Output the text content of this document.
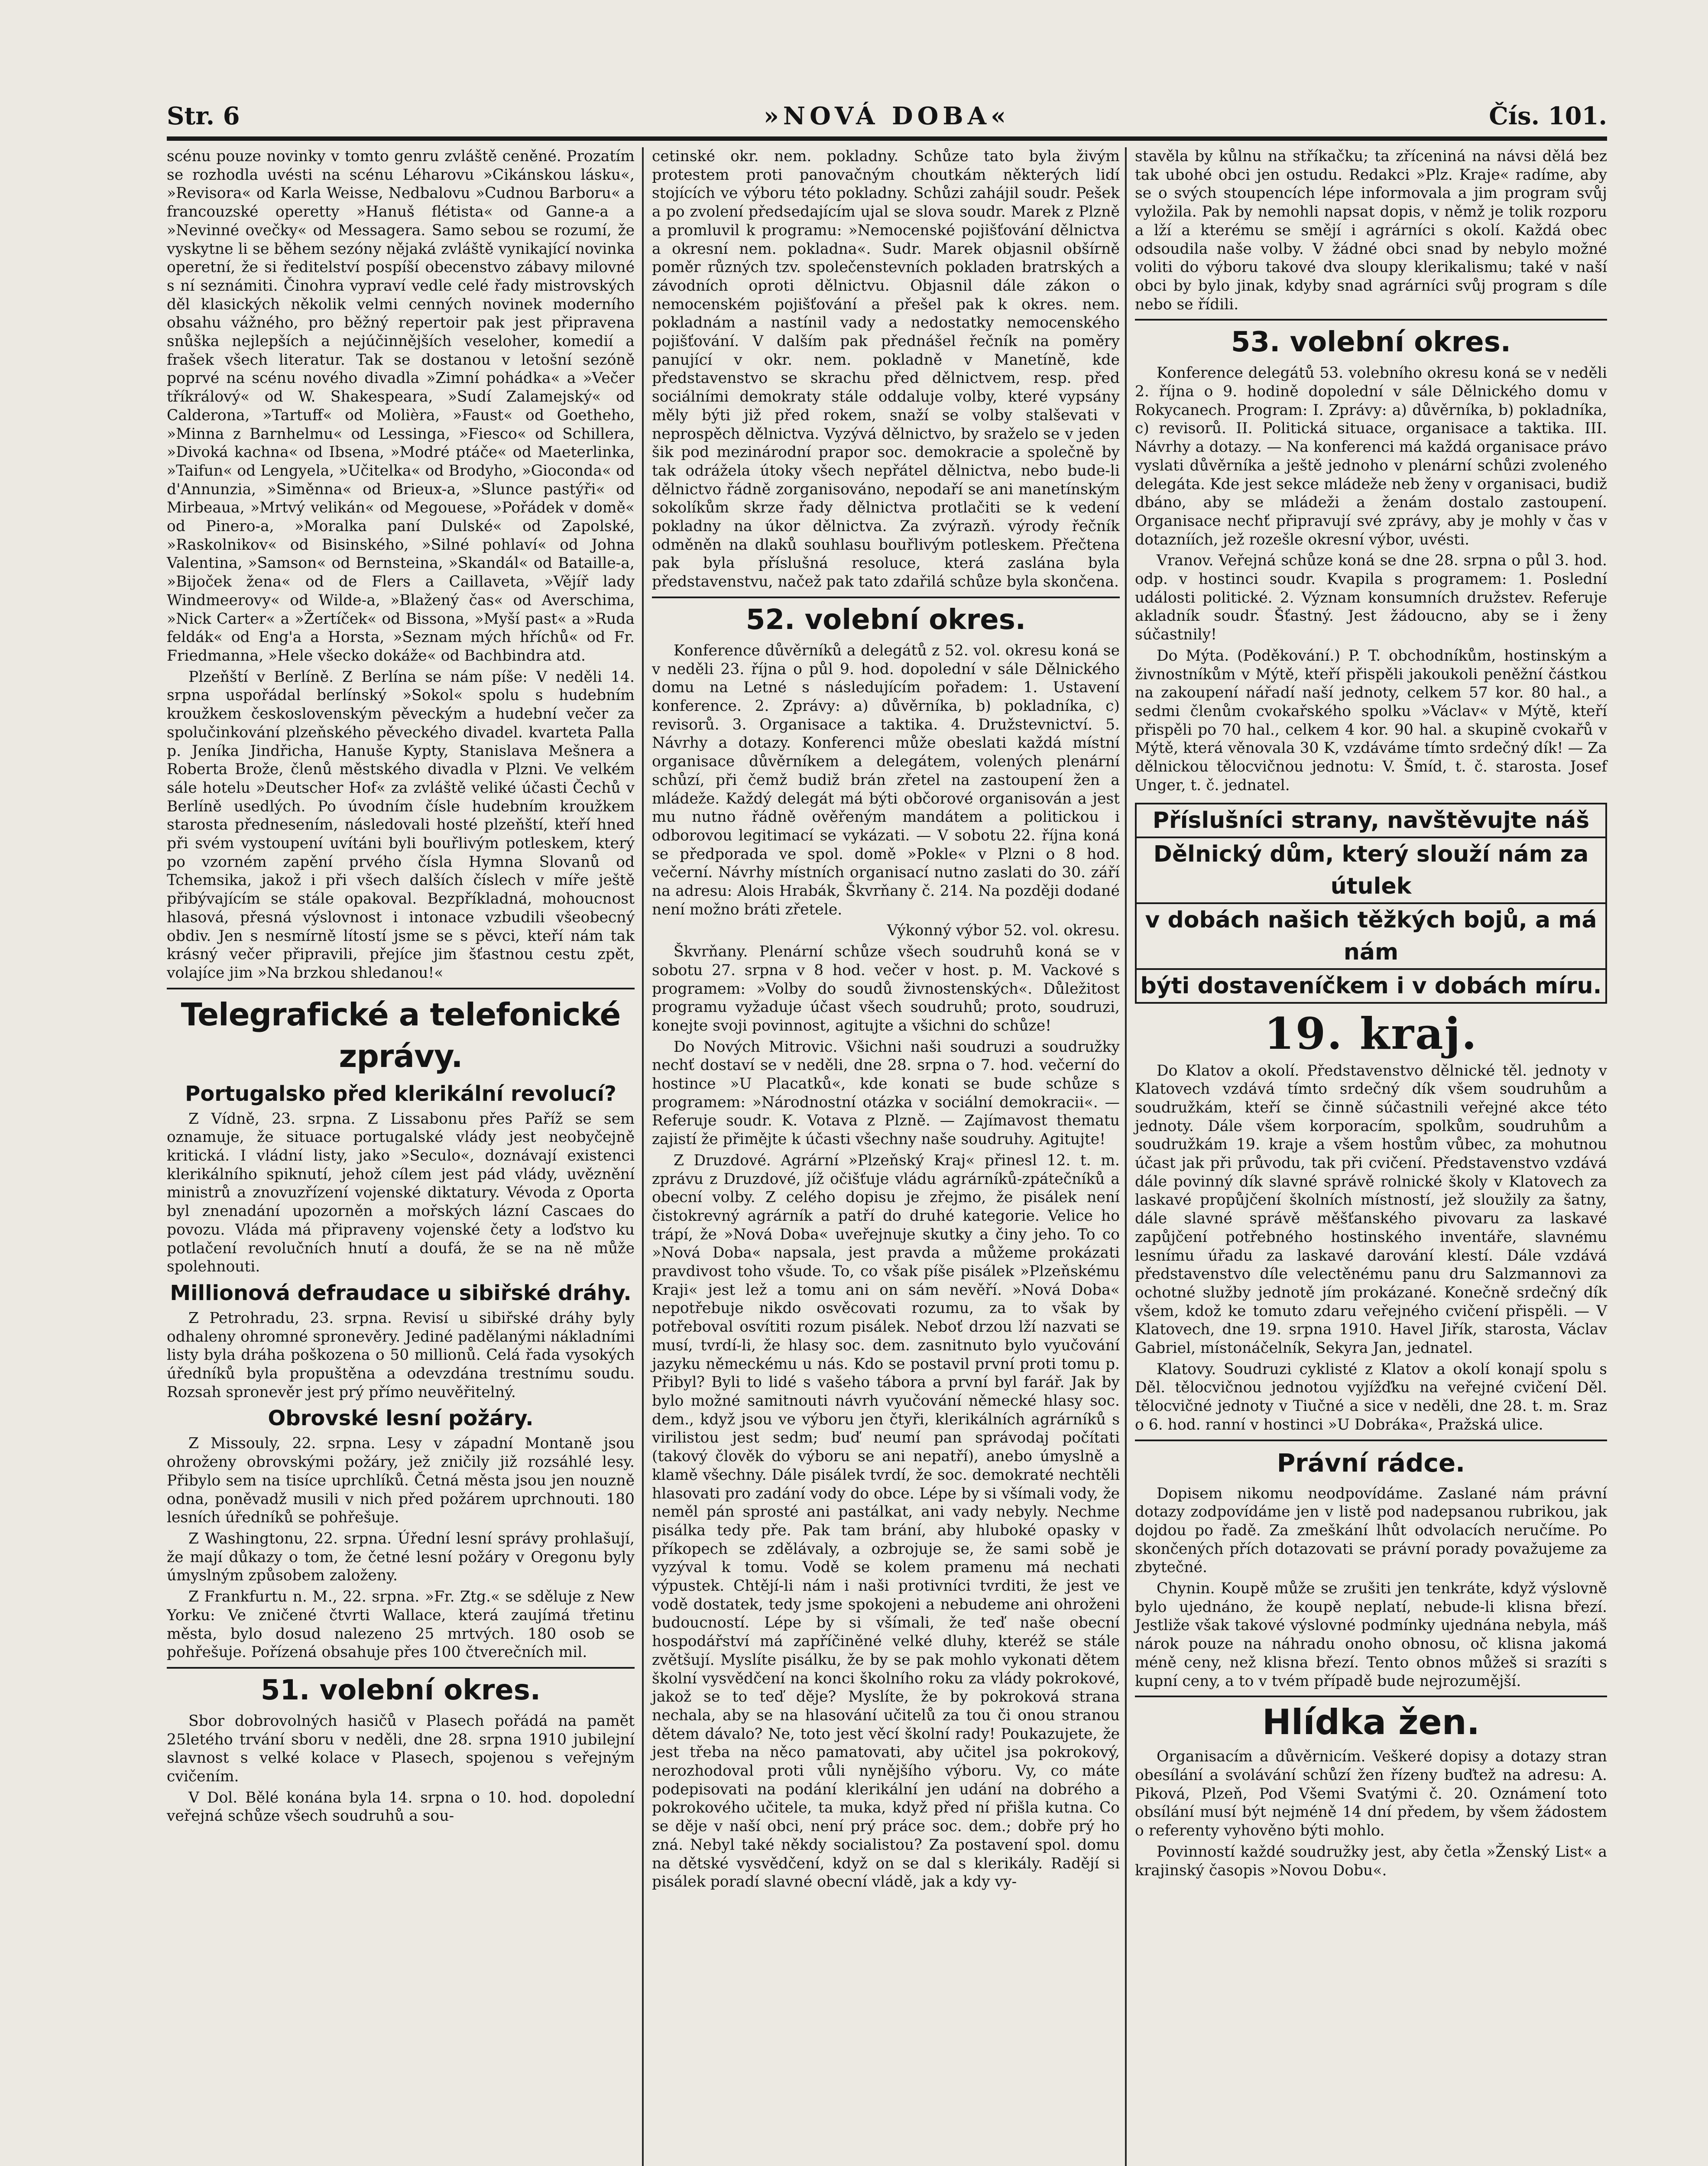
Str. 6	»NOVÁ DOBA«	Čís. 101.

scénu pouze novinky v tomto genru zvláště ceněné. Prozatím se rozhodla uvésti na scénu Léharovu »Cikánskou lásku«, »Revisora« od Karla Weisse, Nedbalovu »Cudnou Barboru« a francouzské operetty »Hanuš flétista« od Ganne-a a »Nevinné ovečky« od Messagera. Samo sebou se rozumí, že vyskytne li se během sezóny nějaká zvláště vynikající novinka operetní, že si ředitelství pospíší obecenstvo zábavy milovné s ní seznámiti. Činohra vypraví vedle celé řady mistrovských děl klasických několik velmi cenných novinek moderního obsahu vážného, pro běžný repertoir pak jest připravena snůška nejlepších a nejúčinnějších veseloher, komedií a frašek všech literatur. Tak se dostanou v letošní sezóně poprvé na scénu nového divadla »Zimní pohádka« a »Večer tříkrálový« od W. Shakespeara, »Sudí Zalamejský« od Calderona, »Tartuff« od Molièra, »Faust« od Goetheho, »Minna z Barnhelmu« od Lessinga, »Fiesco« od Schillera, »Divoká kachna« od Ibsena, »Modré ptáče« od Maeterlinka, »Taifun« od Lengyela, »Učitelka« od Brodyho, »Gioconda« od d'Annunzia, »Siměnna« od Brieux-a, »Slunce pastýři« od Mirbeaua, »Mrtvý velikán« od Megouese, »Pořádek v domě« od Pinero-a, »Moralka paní Dulské« od Zapolské, »Raskolnikov« od Bisinského, »Silné pohlaví« od Johna Valentina, »Samson« od Bernsteina, »Skandál« od Bataille-a, »Bijoček žena« od de Flers a Caillaveta, »Vějíř lady Windmeerovy« od Wilde-a, »Blažený čas« od Averschima, »Nick Carter« a »Žertíček« od Bissona, »Myší past« a »Ruda feldák« od Eng'a a Horsta, »Seznam mých hříchů« od Fr. Friedmanna, »Hele všecko dokáže« od Bachbindra atd.

Plzeňští v Berlíně. Z Berlína se nám píše: V neděli 14. srpna uspořádal berlínský »Sokol« spolu s hudebním kroužkem československým pěveckým a hudební večer za spolučinkování plzeňského pěveckého divadel. kvarteta Palla p. Jeníka Jindřicha, Hanuše Kypty, Stanislava Mešnera a Roberta Brože, členů městského divadla v Plzni. Ve velkém sále hotelu »Deutscher Hof« za zvláště veliké účasti Čechů v Berlíně usedlých. Po úvodním čísle hudebním kroužkem starosta přednesením, následovali hosté plzeňští, kteří hned při svém vystoupení uvítáni byli bouřlivým potleskem, který po vzorném zapění prvého čísla Hymna Slovanů od Tchemsika, jakož i při všech dalších číslech v míře ještě přibývajícím se stále opakoval. Bezpříkladná, mohoucnost hlasová, přesná výslovnost i intonace vzbudili všeobecný obdiv. Jen s nesmírně lítostí jsme se s pěvci, kteří nám tak krásný večer připravili, přejíce jim šťastnou cestu zpět, volajíce jim »Na brzkou shledanou!«

Telegrafické a telefonické zprávy.
Portugalsko před klerikální revolucí?

Z Vídně, 23. srpna. Z Lissabonu přes Paříž se sem oznamuje, že situace portugalské vlády jest neobyčejně kritická. I vládní listy, jako »Seculo«, doznávají existenci klerikálního spiknutí, jehož cílem jest pád vlády, uvěznění ministrů a znovuzřízení vojenské diktatury. Vévoda z Oporta byl znenadání upozorněn a mořských lázní Cascaes do povozu. Vláda má připraveny vojenské čety a loďstvo ku potlačení revolučních hnutí a doufá, že se na ně může spolehnouti.

Millionová defraudace u sibiřské dráhy.

Z Petrohradu, 23. srpna. Revisí u sibiřské dráhy byly odhaleny ohromné spronevěry. Jediné padělanými nákladními listy byla dráha poškozena o 50 millionů. Celá řada vysokých úředníků byla propuštěna a odevzdána trestnímu soudu. Rozsah spronevěr jest prý přímo neuvěřitelný.

Obrovské lesní požáry.

Z Missouly, 22. srpna. Lesy v západní Montaně jsou ohroženy obrovskými požáry, jež zničily již rozsáhlé lesy. Přibylo sem na tisíce uprchlíků. Četná města jsou jen nouzně odna, poněvadž musili v nich před požárem uprchnouti. 180 lesních úředníků se pohřešuje.

Z Washingtonu, 22. srpna. Úřední lesní správy prohlašují, že mají důkazy o tom, že četné lesní požáry v Oregonu byly úmyslným způsobem založeny.

Z Frankfurtu n. M., 22. srpna. »Fr. Ztg.« se sděluje z New Yorku: Ve zničené čtvrti Wallace, která zaujímá třetinu města, bylo dosud nalezeno 25 mrtvých. 180 osob se pohřešuje. Pořízená obsahuje přes 100 čtverečních mil.

51. volební okres.

Sbor dobrovolných hasičů v Plasech pořádá na pamět 25letého trvání sboru v neděli, dne 28. srpna 1910 jubilejní slavnost s velké kolace v Plasech, spojenou s veřejným cvičením.

V Dol. Bělé konána byla 14. srpna o 10. hod. dopolední veřejná schůze všech soudruhů a sou-

cetinské okr. nem. pokladny. Schůze tato byla živým protestem proti panovačným choutkám některých lidí stojících ve výboru této pokladny. Schůzi zahájil soudr. Pešek a po zvolení předsedajícím ujal se slova soudr. Marek z Plzně a promluvil k programu: »Nemocenské pojišťování dělnictva a okresní nem. pokladna«. Sudr. Marek objasnil obšírně poměr různých tzv. společenstevních pokladen bratrských a závodních oproti dělnictvu. Objasnil dále zákon o nemocenském pojišťování a přešel pak k okres. nem. pokladnám a nastínil vady a nedostatky nemocenského pojišťování. V dalším pak přednášel řečník na poměry panující v okr. nem. pokladně v Manetíně, kde představenstvo se skrachu před dělnictvem, resp. před sociálními demokraty stále oddaluje volby, které vypsány měly býti již před rokem, snaží se volby stalševati v neprospěch dělnictva. Vyzývá dělnictvo, by sraželo se v jeden šik pod mezinárodní prapor soc. demokracie a společně by tak odrážela útoky všech nepřátel dělnictva, nebo bude-li dělnictvo řádně zorganisováno, nepodaří se ani manetínským sokolíkům skrze řady dělnictva protlačiti se k vedení pokladny na úkor dělnictva. Za zvýrazň. výrody řečník odměněn na dlaků souhlasu bouřlivým potleskem. Přečtena pak byla příslušná resoluce, která zaslána byla představenstvu, načež pak tato zdařilá schůze byla skončena.

52. volební okres.

Konference důvěrníků a delegátů z 52. vol. okresu koná se v neděli 23. října o půl 9. hod. dopolední v sále Dělnického domu na Letné s následujícím pořadem: 1. Ustavení konference. 2. Zprávy: a) důvěrníka, b) pokladníka, c) revisorů. 3. Organisace a taktika. 4. Družstevnictví. 5. Návrhy a dotazy. Konferenci může obeslati každá místní organisace důvěrníkem a delegátem, volených plenární schůzí, při čemž budiž brán zřetel na zastoupení žen a mládeže. Každý delegát má býti občorové organisován a jest mu nutno řádně ověřeným mandátem a politickou i odborovou legitimací se vykázati. — V sobotu 22. října koná se předporada ve spol. domě »Pokle« v Plzni o 8 hod. večerní. Návrhy místních organisací nutno zaslati do 30. září na adresu: Alois Hrabák, Škvrňany č. 214. Na později dodané není možno bráti zřetele.

Výkonný výbor 52. vol. okresu.

Škvrňany. Plenární schůze všech soudruhů koná se v sobotu 27. srpna v 8 hod. večer v host. p. M. Vackové s programem: »Volby do soudů živnostenských«. Důležitost programu vyžaduje účast všech soudruhů; proto, soudruzi, konejte svoji povinnost, agitujte a všichni do schůze!

Do Nových Mitrovic. Všichni naši soudruzi a soudružky nechť dostaví se v neděli, dne 28. srpna o 7. hod. večerní do hostince »U Placatků«, kde konati se bude schůze s programem: »Národnostní otázka v sociální demokracii«. — Referuje soudr. K. Votava z Plzně. — Zajímavost thematu zajistí že přimějte k účasti všechny naše soudruhy. Agitujte!

Z Druzdové. Agrární »Plzeňský Kraj« přinesl 12. t. m. zprávu z Druzdové, jíž očišťuje vládu agrárníků-zpátečníků a obecní volby. Z celého dopisu je zřejmo, že pisálek není čistokrevný agrárník a patří do druhé kategorie. Velice ho trápí, že »Nová Doba« uveřejnuje skutky a činy jeho. To co »Nová Doba« napsala, jest pravda a můžeme prokázati pravdivost toho všude. To, co však píše pisálek »Plzeňskému Kraji« jest lež a tomu ani on sám nevěří. »Nová Doba« nepotřebuje nikdo osvěcovati rozumu, za to však by potřeboval osvítiti rozum pisálek. Neboť drzou lží nazvati se musí, tvrdí-li, že hlasy soc. dem. zasnitnuto bylo vyučování jazyku německému u nás. Kdo se postavil první proti tomu p. Přibyl? Byli to lidé s vašeho tábora a první byl farář. Jak by bylo možné samitnouti návrh vyučování německé hlasy soc. dem., když jsou ve výboru jen čtyři, klerikálních agrárníků s virilistou jest sedm; buď neumí pan správodaj počítati (takový člověk do výboru se ani nepatří), anebo úmyslně a klamě všechny. Dále pisálek tvrdí, že soc. demokraté nechtěli hlasovati pro zadání vody do obce. Lépe by si všímali vody, že neměl pán sprosté ani pastálkat, ani vady nebyly. Nechme pisálka tedy pře. Pak tam brání, aby hluboké opasky v příkopech se zdělávaly, a ozbrojuje se, že sami sobě je vyzýval k tomu. Vodě se kolem pramenu má nechati výpustek. Chtějí-li nám i naši protivníci tvrditi, že jest ve vodě dostatek, tedy jsme spokojeni a nebudeme ani ohroženi budoucností. Lépe by si všímali, že teď naše obecní hospodářství má zapříčiněné velké dluhy, kteréž se stále zvětšují. Myslíte pisálku, že by se pak mohlo vykonati dětem školní vysvědčení na konci školního roku za vlády pokrokové, jakož se to teď děje? Myslíte, že by pokroková strana nechala, aby se na hlasování učitelů za tou či onou stranou dětem dávalo? Ne, toto jest věcí školní rady! Poukazujete, že jest třeba na něco pamatovati, aby učitel jsa pokrokový, nerozhodoval proti vůli nynějšího výboru. Vy, co máte podepisovati na podání klerikální jen udání na dobrého a pokrokového učitele, ta muka, když před ní přišla kutna. Co se děje v naší obci, není prý práce soc. dem.; dobře prý ho zná. Nebyl také někdy socialistou? Za postavení spol. domu na dětské vysvědčení, když on se dal s klerikály. Radějí si pisálek poradí slavné obecní vládě, jak a kdy vy-

stavěla by kůlnu na stříkačku; ta zříceniná na návsi dělá bez tak ubohé obci jen ostudu. Redakci »Plz. Kraje« radíme, aby se o svých stoupencích lépe informovala a jim program svůj vyložila. Pak by nemohli napsat dopis, v němž je tolik rozporu a lží a kterému se smějí i agrárníci s okolí. Každá obec odsoudila naše volby. V žádné obci snad by nebylo možné voliti do výboru takové dva sloupy klerikalismu; také v naší obci by bylo jinak, kdyby snad agrárníci svůj program s díle nebo se řídili.

53. volební okres.

Konference delegátů 53. volebního okresu koná se v neděli 2. října o 9. hodině dopolední v sále Dělnického domu v Rokycanech. Program: I. Zprávy: a) důvěrníka, b) pokladníka, c) revisorů. II. Politická situace, organisace a taktika. III. Návrhy a dotazy. — Na konferenci má každá organisace právo vyslati důvěrníka a ještě jednoho v plenární schůzi zvoleného delegáta. Kde jest sekce mládeže neb ženy v organisaci, budiž dbáno, aby se mládeži a ženám dostalo zastoupení. Organisace nechť připravují své zprávy, aby je mohly v čas v dotazníích, jež rozešle okresní výbor, uvésti.

Vranov. Veřejná schůze koná se dne 28. srpna o půl 3. hod. odp. v hostinci soudr. Kvapila s programem: 1. Poslední události politické. 2. Význam konsumních družstev. Referuje akladník soudr. Šťastný. Jest žádoucno, aby se i ženy súčastnily!

Do Mýta. (Poděkování.) P. T. obchodníkům, hostinským a živnostníkům v Mýtě, kteří přispěli jakoukoli peněžní částkou na zakoupení nářadí naší jednoty, celkem 57 kor. 80 hal., a sedmi členům cvokařského spolku »Václav« v Mýtě, kteří přispěli po 70 hal., celkem 4 kor. 90 hal. a skupině cvokařů v Mýtě, která věnovala 30 K, vzdáváme tímto srdečný dík! — Za dělnickou tělocvičnou jednotu: V. Šmíd, t. č. starosta. Josef Unger, t. č. jednatel.

Příslušníci strany, navštěvujte náš
Dělnický dům, který slouží nám za útulek
v dobách našich těžkých bojů, a má nám
býti dostaveníčkem i v dobách míru.
19. kraj.

Do Klatov a okolí. Představenstvo dělnické těl. jednoty v Klatovech vzdává tímto srdečný dík všem soudruhům a soudružkám, kteří se činně súčastnili veřejné akce této jednoty. Dále všem korporacím, spolkům, soudruhům a soudružkám 19. kraje a všem hostům vůbec, za mohutnou účast jak při průvodu, tak při cvičení. Představenstvo vzdává dále povinný dík slavné správě rolnické školy v Klatovech za laskavé propůjčení školních místností, jež sloužily za šatny, dále slavné správě měšťanského pivovaru za laskavé zapůjčení potřebného hostinského inventáře, slavnému lesnímu úřadu za laskavé darování klestí. Dále vzdává představenstvo díle velectěnému panu dru Salzmannovi za ochotné služby jednotě jím prokázané. Konečně srdečný dík všem, kdož ke tomuto zdaru veřejného cvičení přispěli. — V Klatovech, dne 19. srpna 1910. Havel Jiřík, starosta, Václav Gabriel, místonáčelník, Sekyra Jan, jednatel.

Klatovy. Soudruzi cyklisté z Klatov a okolí konají spolu s Děl. tělocvičnou jednotou vyjížďku na veřejné cvičení Děl. tělocvičné jednoty v Tiučné a sice v neděli, dne 28. t. m. Sraz o 6. hod. ranní v hostinci »U Dobráka«, Pražská ulice.

Právní rádce.

Dopisem nikomu neodpovídáme. Zaslané nám právní dotazy zodpovídáme jen v listě pod nadepsanou rubrikou, jak dojdou po řadě. Za zmeškání lhůt odvolacích neručíme. Po skončených přích dotazovati se právní porady považujeme za zbytečné.

Chynin. Koupě může se zrušiti jen tenkráte, když výslovně bylo ujednáno, že koupě neplatí, nebude-li klisna březí. Jestliže však takové výslovné podmínky ujednána nebyla, máš nárok pouze na náhradu onoho obnosu, oč klisna jakomá méně ceny, než klisna březí. Tento obnos můžeš si srazíti s kupní ceny, a to v tvém případě bude nejrozumější.

Hlídka žen.

Organisacím a důvěrnicím. Veškeré dopisy a dotazy stran obesílání a svolávání schůzí žen řízeny buďtež na adresu: A. Piková, Plzeň, Pod Všemi Svatými č. 20. Oznámení toto obsílání musí být nejméně 14 dní předem, by všem žádostem o referenty vyhověno býti mohlo.

Povinností každé soudružky jest, aby četla »Ženský List« a krajinský časopis »Novou Dobu«.
